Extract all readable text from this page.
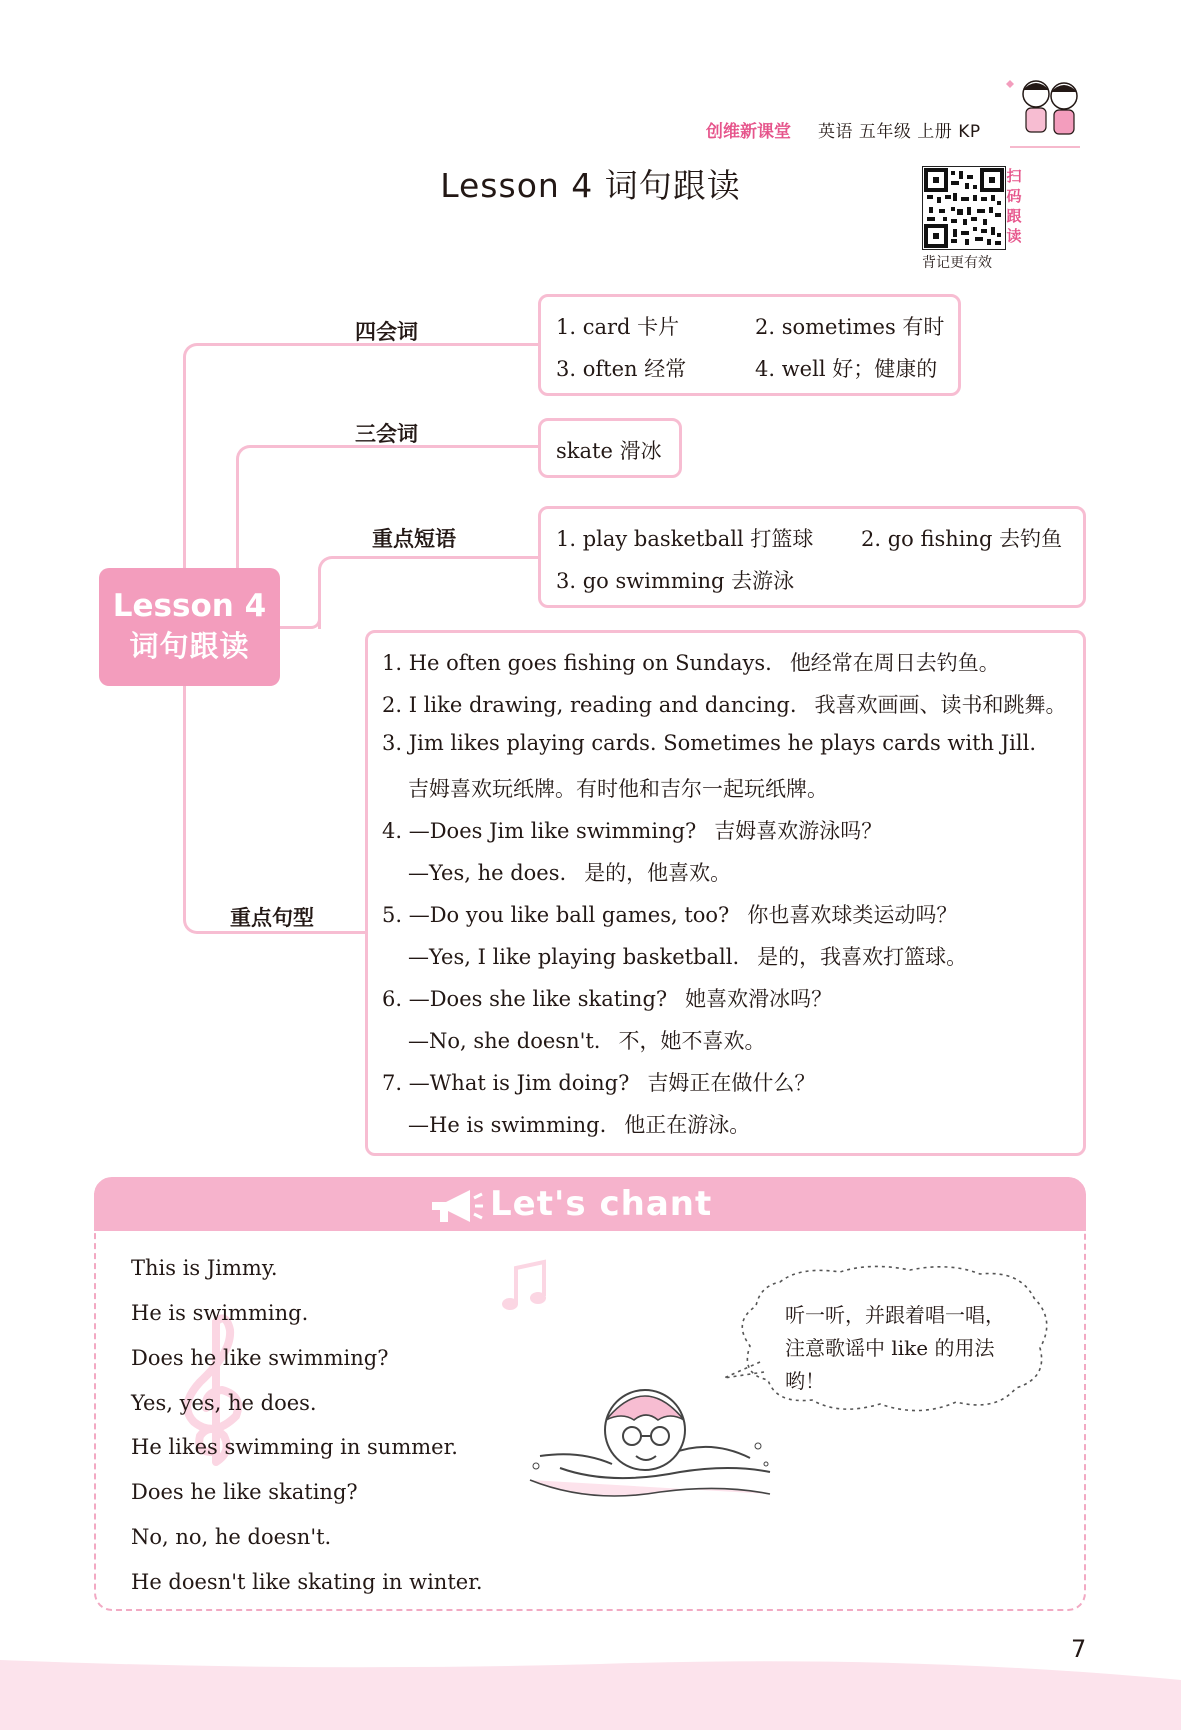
创维新课堂 英语 五年级 上册 KP
Lesson 4 词句跟读	扫
码
跟
读
背记更有效
四会词
三会词
重点短语
重点句型
Lesson 4
词句跟读
1. card 卡片	2. sometimes 有时
3. often 经常	4. well 好；健康的
skate 滑冰
1. play basketball 打篮球 2. go fishing 去钓鱼
3. go swimming 去游泳
1. He often goes fishing on Sundays. 他经常在周日去钓鱼。
2. I like drawing, reading and dancing. 我喜欢画画、读书和跳舞。
3. Jim likes playing cards. Sometimes he plays cards with Jill.
吉姆喜欢玩纸牌。有时他和吉尔一起玩纸牌。
4. —Does Jim like swimming? 吉姆喜欢游泳吗？
—Yes, he does. 是的，他喜欢。
5. —Do you like ball games, too? 你也喜欢球类运动吗？
—Yes, I like playing basketball. 是的，我喜欢打篮球。
6. —Does she like skating? 她喜欢滑冰吗？
—No, she doesn't. 不，她不喜欢。
7. —What is Jim doing? 吉姆正在做什么？
—He is swimming. 他正在游泳。
Let's chant
This is Jimmy.
He is swimming.
Does he like swimming?
Yes, yes, he does.
He likes swimming in summer.
Does he like skating?
No, no, he doesn't.
He doesn't like skating in winter.
听一听，并跟着唱一唱，
注意歌谣中 like 的用法
哟！
7
